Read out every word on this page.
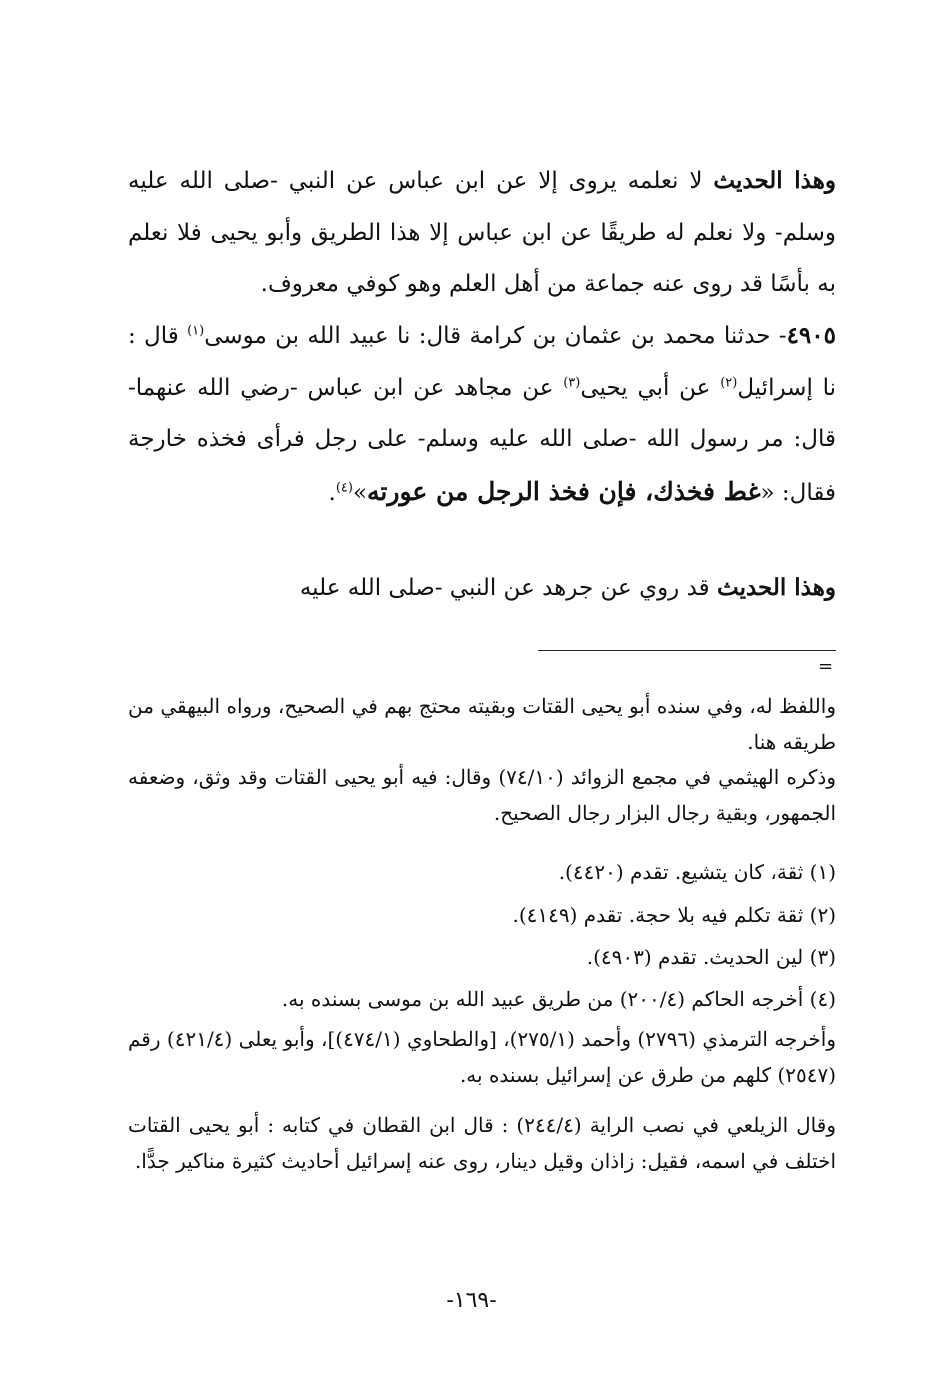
وهذا الحديث لا نعلمه يروى إلا عن ابن عباس عن النبي -صلى الله عليه وسلم- ولا نعلم له طريقًا عن ابن عباس إلا هذا الطريق وأبو يحيى فلا نعلم به بأسًا قد روى عنه جماعة من أهل العلم وهو كوفي معروف.
٤٩٠٥- حدثنا محمد بن عثمان بن كرامة قال: نا عبيد الله بن موسى$^{(١)}$ قال : نا إسرائيل$^{(٢)}$ عن أبي يحيى$^{(٣)}$ عن مجاهد عن ابن عباس -رضي الله عنهما- قال: مر رسول الله -صلى الله عليه وسلم- على رجل فرأى فخذه خارجة فقال: «غط فخذك، فإن فخذ الرجل من عورته»$^{(٤)}$.
وهذا الحديث قد روي عن جرهد عن النبي -صلى الله عليه
=
واللفظ له، وفي سنده أبو يحيى القتات وبقيته محتج بهم في الصحيح، ورواه البيهقي من طريقه هنا.
وذكره الهيثمي في مجمع الزوائد (٧٤/١٠) وقال: فيه أبو يحيى القتات وقد وثق، وضعفه الجمهور، وبقية رجال البزار رجال الصحيح.
(١) ثقة، كان يتشيع. تقدم (٤٤٢٠).
(٢) ثقة تكلم فيه بلا حجة. تقدم (٤١٤٩).
(٣) لين الحديث. تقدم (٤٩٠٣).
(٤) أخرجه الحاكم (٢٠٠/٤) من طريق عبيد الله بن موسى بسنده به.
وأخرجه الترمذي (٢٧٩٦) وأحمد (٢٧٥/١)، [والطحاوي (٤٧٤/١)]، وأبو يعلى (٤٢١/٤) رقم (٢٥٤٧) كلهم من طرق عن إسرائيل بسنده به.
وقال الزيلعي في نصب الراية (٢٤٤/٤) : قال ابن القطان في كتابه : أبو يحيى القتات اختلف في اسمه، فقيل: زاذان وقيل دينار، روى عنه إسرائيل أحاديث كثيرة مناكير جدًّا.
-١٦٩-
